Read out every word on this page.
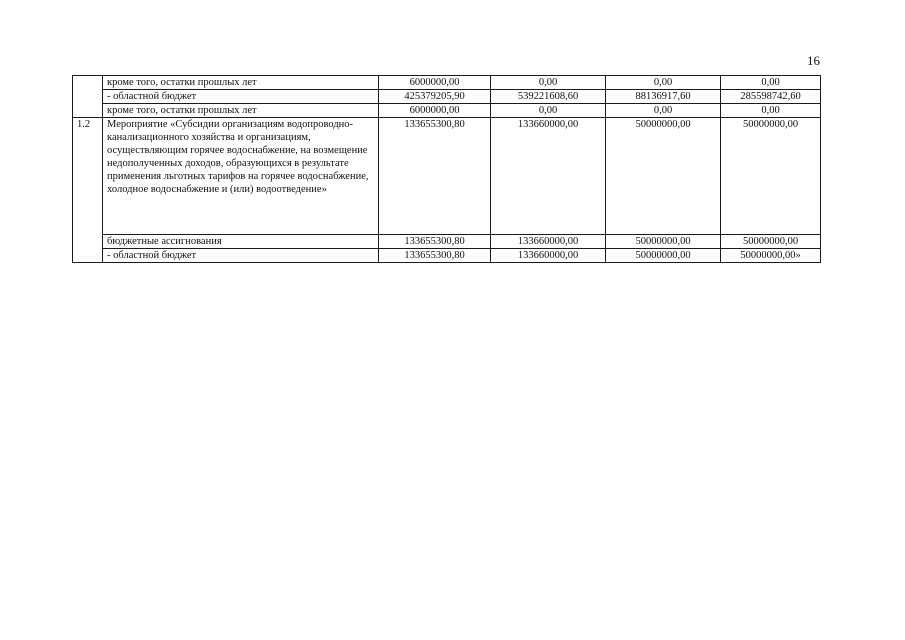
16
	кроме того, остатки прошлых лет	6000000,00	0,00	0,00	0,00
	- областной бюджет	425379205,90	539221608,60	88136917,60	285598742,60
	кроме того, остатки прошлых лет	6000000,00	0,00	0,00	0,00
1.2	Мероприятие «Субсидии организациям водопроводно-канализационного хозяйства и организациям, осуществляющим горячее водоснабжение, на возмещение недополученных доходов, образующихся в результате применения льготных тарифов на горячее водоснабжение, холодное водоснабжение и (или) водоотведение»	133655300,80	133660000,00	50000000,00	50000000,00
	бюджетные ассигнования	133655300,80	133660000,00	50000000,00	50000000,00
	- областной бюджет	133655300,80	133660000,00	50000000,00	50000000,00»
